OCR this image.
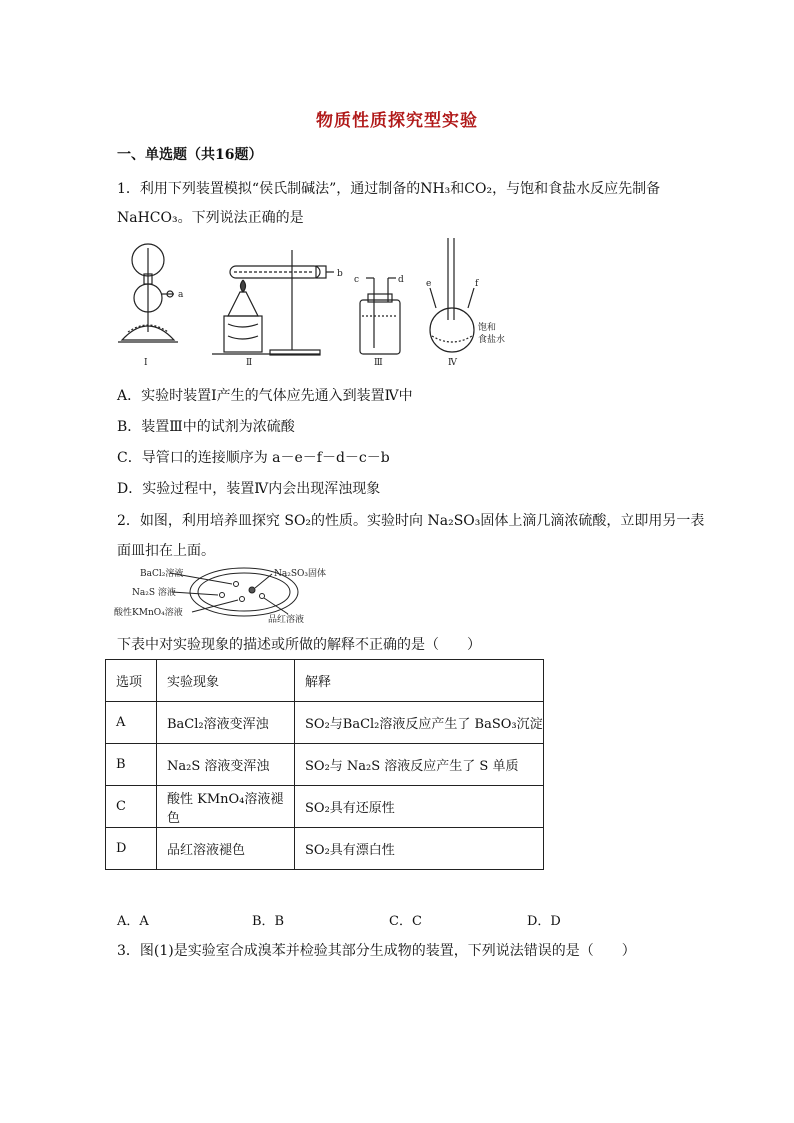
物质性质探究型实验
一、单选题（共16题）
1．利用下列装置模拟“侯氏制碱法”，通过制备的NH₃和CO₂，与饱和食盐水反应先制备
NaHCO₃。下列说法正确的是
Ⅰ
a
b
Ⅱ
c	d
Ⅲ
e	f
饱和
食盐水
Ⅳ
A．实验时装置Ⅰ产生的气体应先通入到装置Ⅳ中
B．装置Ⅲ中的试剂为浓硫酸
C．导管口的连接顺序为 a－e－f－d－c－b
D．实验过程中，装置Ⅳ内会出现浑浊现象
2．如图，利用培养皿探究 SO₂的性质。实验时向 Na₂SO₃固体上滴几滴浓硫酸，立即用另一表
面皿扣在上面。
BaCl₂溶液
Na₂S 溶液
酸性KMnO₄溶液
Na₂SO₃固体
品红溶液
下表中对实验现象的描述或所做的解释不正确的是（　　）
选项	实验现象	解释
A	BaCl₂溶液变浑浊	SO₂与BaCl₂溶液反应产生了 BaSO₃沉淀
B	Na₂S 溶液变浑浊	SO₂与 Na₂S 溶液反应产生了 S 单质
C	酸性 KMnO₄溶液褪色	SO₂具有还原性
D	品红溶液褪色	SO₂具有漂白性
A．A	B．B	C．C	D．D
3．图(1)是实验室合成溴苯并检验其部分生成物的装置，下列说法错误的是（　　）
